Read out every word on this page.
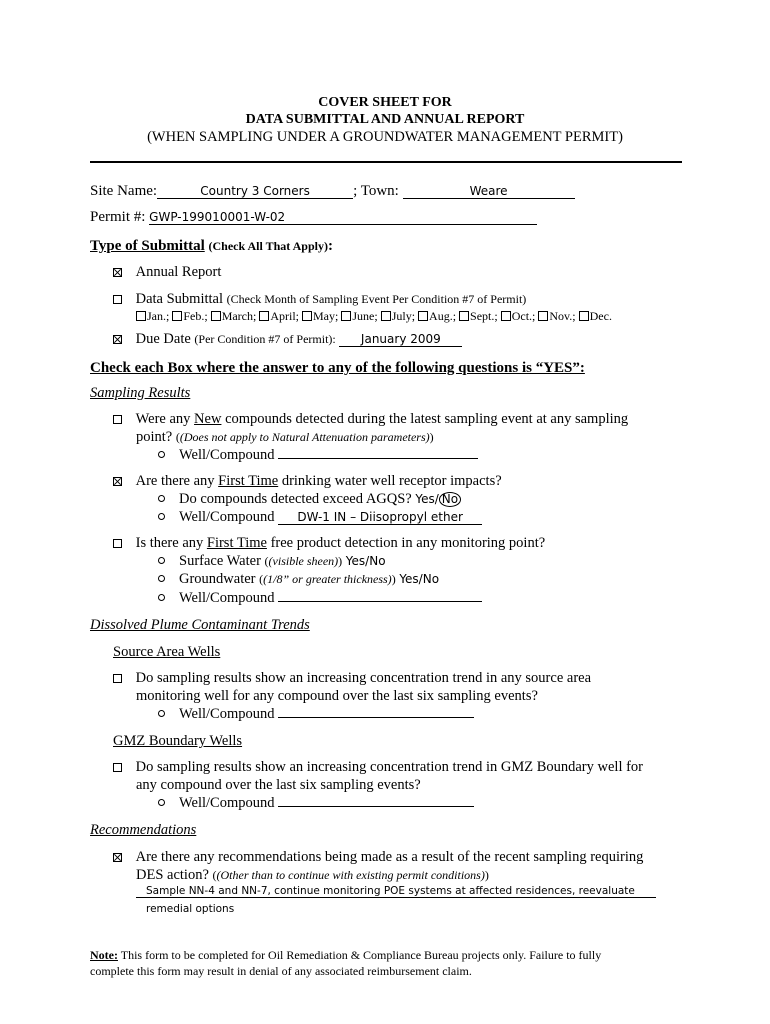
COVER SHEET FOR
DATA SUBMITTAL AND ANNUAL REPORT
(WHEN SAMPLING UNDER A GROUNDWATER MANAGEMENT PERMIT)
Site Name:	Country 3 Corners	; Town:	Weare
Permit #: GWP-199010001-W-02
Type of Submittal (Check All That Apply):
Annual Report
Data Submittal (Check Month of Sampling Event Per Condition #7 of Permit)
Jan.; Feb.; March; April; May; June; July; Aug.; Sept.; Oct.; Nov.; Dec.
Due Date (Per Condition #7 of Permit): January 2009
Check each Box where the answer to any of the following questions is “YES”:
Sampling Results
Were any New compounds detected during the latest sampling event at any sampling
point? ((Does not apply to Natural Attenuation parameters))
Well/Compound
Are there any First Time drinking water well receptor impacts?
Do compounds detected exceed AGQS? Yes/ No
Well/Compound DW-1 IN – Diisopropyl ether
Is there any First Time free product detection in any monitoring point?
Surface Water ((visible sheen)) Yes/No
Groundwater ((1/8” or greater thickness)) Yes/No
Well/Compound
Dissolved Plume Contaminant Trends
Source Area Wells
Do sampling results show an increasing concentration trend in any source area
monitoring well for any compound over the last six sampling events?
Well/Compound
GMZ Boundary Wells
Do sampling results show an increasing concentration trend in GMZ Boundary well for
any compound over the last six sampling events?
Well/Compound
Recommendations
Are there any recommendations being made as a result of the recent sampling requiring
DES action? ((Other than to continue with existing permit conditions))
Sample NN-4 and NN-7, continue monitoring POE systems at affected residences, reevaluate
remedial options
Note: This form to be completed for Oil Remediation & Compliance Bureau projects only. Failure to fully
complete this form may result in denial of any associated reimbursement claim.
